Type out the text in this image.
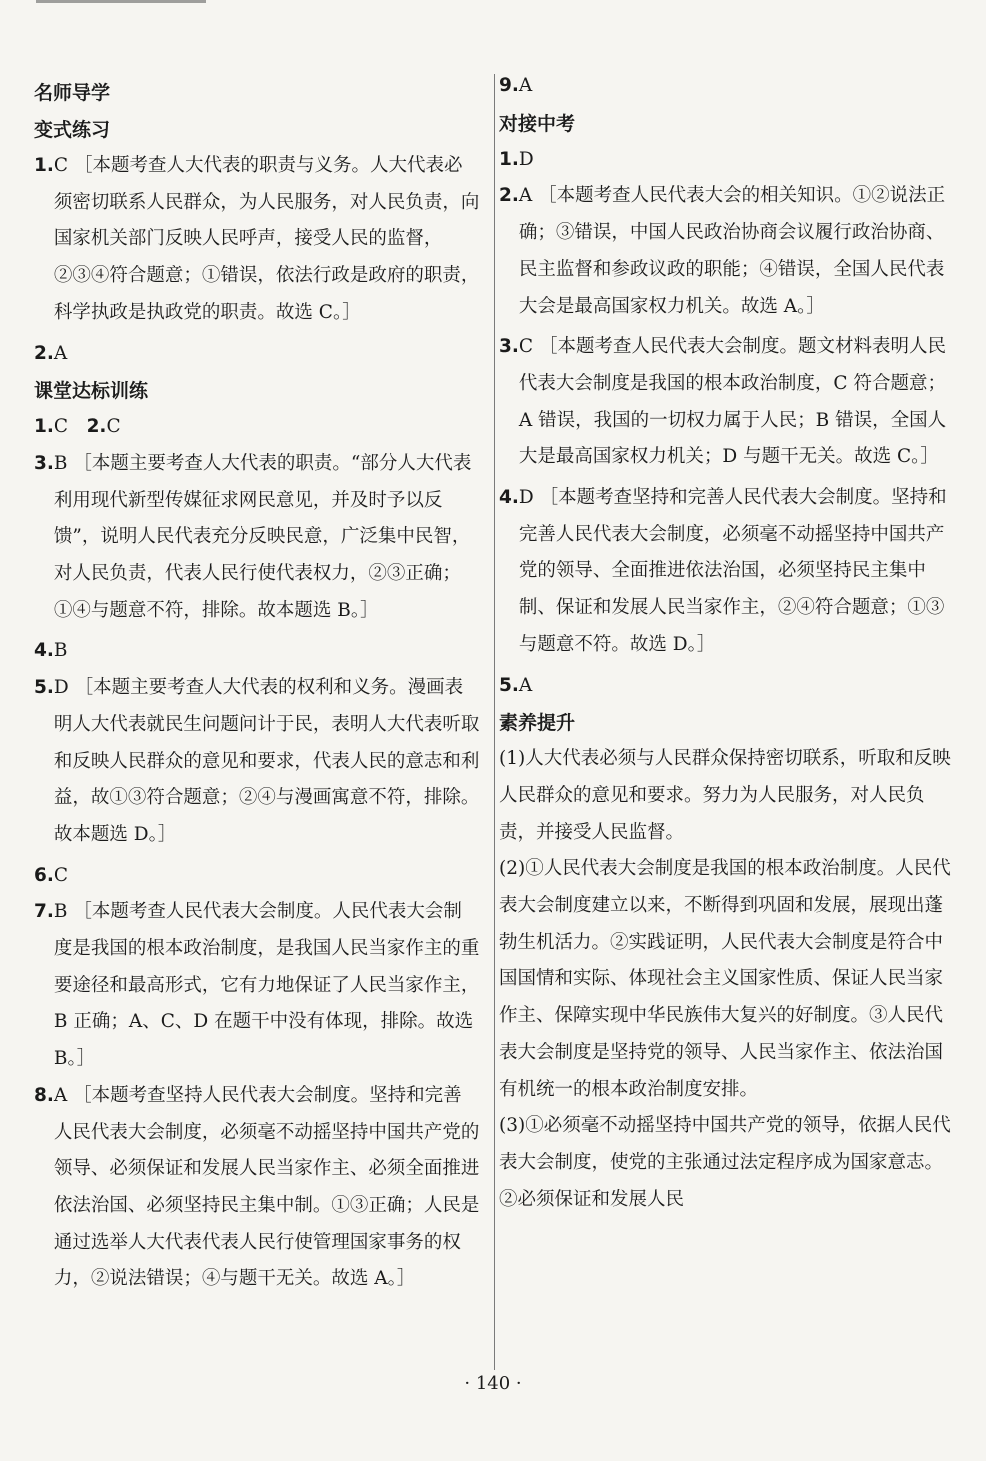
名师导学
变式练习
1. C ［本题考查人大代表的职责与义务。人大代表必须密切联系人民群众，为人民服务，对人民负责，向国家机关部门反映人民呼声，接受人民的监督，②③④符合题意；①错误，依法行政是政府的职责，科学执政是执政党的职责。故选 C。］
2. A
课堂达标训练
1. C　 2. C
3. B ［本题主要考查人大代表的职责。“部分人大代表利用现代新型传媒征求网民意见，并及时予以反馈”，说明人民代表充分反映民意，广泛集中民智，对人民负责，代表人民行使代表权力，②③正确；①④与题意不符，排除。故本题选 B。］
4. B
5. D ［本题主要考查人大代表的权利和义务。漫画表明人大代表就民生问题问计于民，表明人大代表听取和反映人民群众的意见和要求，代表人民的意志和利益，故①③符合题意；②④与漫画寓意不符，排除。故本题选 D。］
6. C
7. B ［本题考查人民代表大会制度。人民代表大会制度是我国的根本政治制度，是我国人民当家作主的重要途径和最高形式，它有力地保证了人民当家作主，B 正确；A、C、D 在题干中没有体现，排除。故选 B。］
8. A ［本题考查坚持人民代表大会制度。坚持和完善人民代表大会制度，必须毫不动摇坚持中国共产党的领导、必须保证和发展人民当家作主、必须全面推进依法治国、必须坚持民主集中制。①③正确；人民是通过选举人大代表代表人民行使管理国家事务的权力，②说法错误；④与题干无关。故选 A。］
9. A
对接中考
1. D
2. A ［本题考查人民代表大会的相关知识。①②说法正确；③错误，中国人民政治协商会议履行政治协商、民主监督和参政议政的职能；④错误，全国人民代表大会是最高国家权力机关。故选 A。］
3. C ［本题考查人民代表大会制度。题文材料表明人民代表大会制度是我国的根本政治制度，C 符合题意；A 错误，我国的一切权力属于人民；B 错误，全国人大是最高国家权力机关；D 与题干无关。故选 C。］
4. D ［本题考查坚持和完善人民代表大会制度。坚持和完善人民代表大会制度，必须毫不动摇坚持中国共产党的领导、全面推进依法治国，必须坚持民主集中制、保证和发展人民当家作主，②④符合题意；①③与题意不符。故选 D。］
5. A
素养提升

(1)人大代表必须与人民群众保持密切联系，听取和反映人民群众的意见和要求。努力为人民服务，对人民负责，并接受人民监督。

(2)①人民代表大会制度是我国的根本政治制度。人民代表大会制度建立以来，不断得到巩固和发展，展现出蓬勃生机活力。②实践证明，人民代表大会制度是符合中国国情和实际、体现社会主义国家性质、保证人民当家作主、保障实现中华民族伟大复兴的好制度。③人民代表大会制度是坚持党的领导、人民当家作主、依法治国有机统一的根本政治制度安排。

(3)①必须毫不动摇坚持中国共产党的领导，依据人民代表大会制度，使党的主张通过法定程序成为国家意志。②必须保证和发展人民

· 140 ·
